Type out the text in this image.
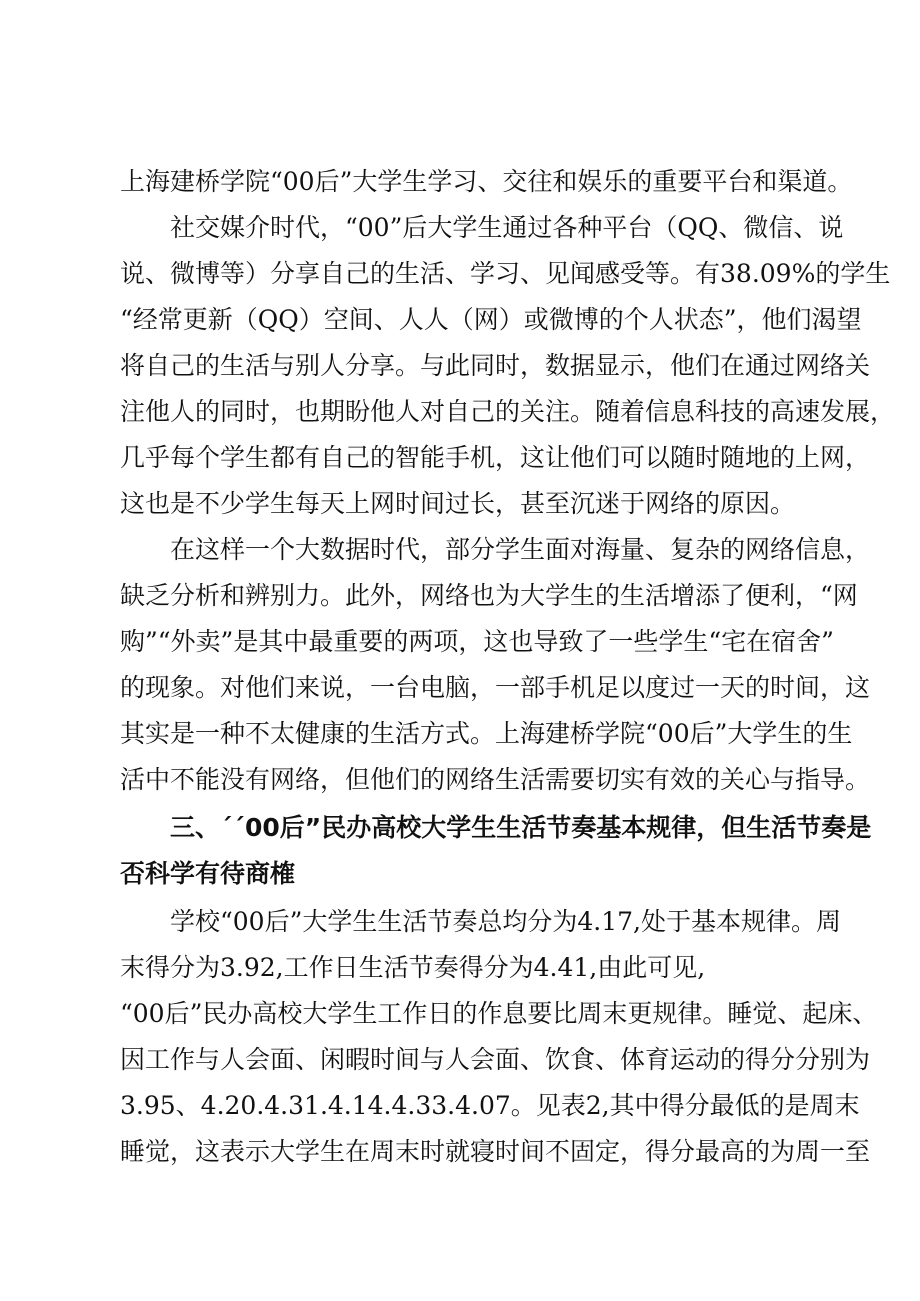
上海建桥学院“00后”大学生学习、交往和娱乐的重要平台和渠道。
社交媒介时代，“00”后大学生通过各种平台（QQ、微信、说
说、微博等）分享自己的生活、学习、见闻感受等。有38.09%的学生
“经常更新（QQ）空间、人人（网）或微博的个人状态”，他们渴望
将自己的生活与别人分享。与此同时，数据显示，他们在通过网络关
注他人的同时，也期盼他人对自己的关注。随着信息科技的高速发展，
几乎每个学生都有自己的智能手机，这让他们可以随时随地的上网，
这也是不少学生每天上网时间过长，甚至沉迷于网络的原因。
在这样一个大数据时代，部分学生面对海量、复杂的网络信息，
缺乏分析和辨别力。此外，网络也为大学生的生活增添了便利，“网
购”“外卖”是其中最重要的两项，这也导致了一些学生“宅在宿舍”
的现象。对他们来说，一台电脑，一部手机足以度过一天的时间，这
其实是一种不太健康的生活方式。上海建桥学院“00后”大学生的生
活中不能没有网络，但他们的网络生活需要切实有效的关心与指导。
三、ˊˊ00后”民办高校大学生生活节奏基本规律，但生活节奏是
否科学有待商榷
学校“00后”大学生生活节奏总均分为4.17,处于基本规律。周
末得分为3.92,工作日生活节奏得分为4.41,由此可见,
“00后”民办高校大学生工作日的作息要比周末更规律。睡觉、起床、
因工作与人会面、闲暇时间与人会面、饮食、体育运动的得分分别为
3.95、4.20.4.31.4.14.4.33.4.07。见表2,其中得分最低的是周末
睡觉，这表示大学生在周末时就寝时间不固定，得分最高的为周一至
